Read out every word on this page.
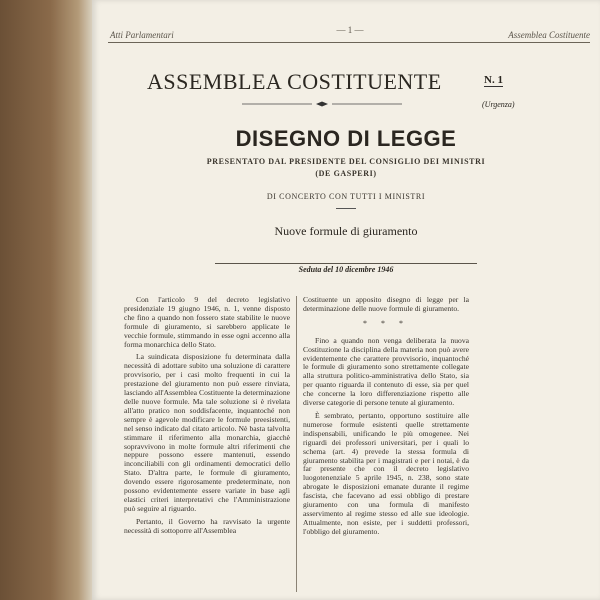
Atti Parlamentari	— 1 —	Assemblea Costituente
ASSEMBLEA COSTITUENTE	N. 1
(Urgenza)
DISEGNO DI LEGGE
PRESENTATO DAL PRESIDENTE DEL CONSIGLIO DEI MINISTRI
(DE GASPERI)
DI CONCERTO CON TUTTI I MINISTRI
Nuove formule di giuramento
Seduta del 10 dicembre 1946

Con l'articolo 9 del decreto legislativo presidenziale 19 giugno 1946, n. 1, venne disposto che fino a quando non fossero state stabilite le nuove formule di giuramento, si sarebbero applicate le vecchie formule, stimmando in esse ogni accenno alla forma monarchica dello Stato.

La suindicata disposizione fu determinata dalla necessità di adottare subito una soluzione di carattere provvisorio, per i casi molto frequenti in cui la prestazione del giuramento non può essere rinviata, lasciando all'Assemblea Costituente la determinazione delle nuove formule. Ma tale soluzione si è rivelata all'atto pratico non soddisfacente, inquantoché non sempre è agevole modificare le formule preesistenti, nel senso indicato dal citato articolo. Nè basta talvolta stimmare il riferimento alla monarchia, giacchè sopravvivono in molte formule altri riferimenti che neppure possono essere mantenuti, essendo inconciliabili con gli ordinamenti democratici dello Stato. D'altra parte, le formule di giuramento, dovendo essere rigorosamente predeterminate, non possono evidentemente essere variate in base agli elastici criteri interpretativi che l'Amministrazione può seguire al riguardo.

Pertanto, il Governo ha ravvisato la urgente necessità di sottoporre all'Assemblea

Costituente un apposito disegno di legge per la determinazione delle nuove formule di giuramento.

* * *

Fino a quando non venga deliberata la nuova Costituzione la disciplina della materia non può avere evidentemente che carattere provvisorio, inquantoché le formule di giuramento sono strettamente collegate alla struttura politico-amministrativa dello Stato, sia per quanto riguarda il contenuto di esse, sia per quel che concerne la loro differenziazione rispetto alle diverse categorie di persone tenute al giuramento.

È sembrato, pertanto, opportuno sostituire alle numerose formule esistenti quelle strettamente indispensabili, unificando le più omogenee. Nei riguardi dei professori universitari, per i quali lo schema (art. 4) prevede la stessa formula di giuramento stabilita per i magistrati e per i notai, è da far presente che con il decreto legislativo luogotenenziale 5 aprile 1945, n. 238, sono state abrogate le disposizioni emanate durante il regime fascista, che facevano ad essi obbligo di prestare giuramento con una formula di manifesto asservimento al regime stesso ed alle sue ideologie. Attualmente, non esiste, per i suddetti professori, l'obbligo del giuramento.
